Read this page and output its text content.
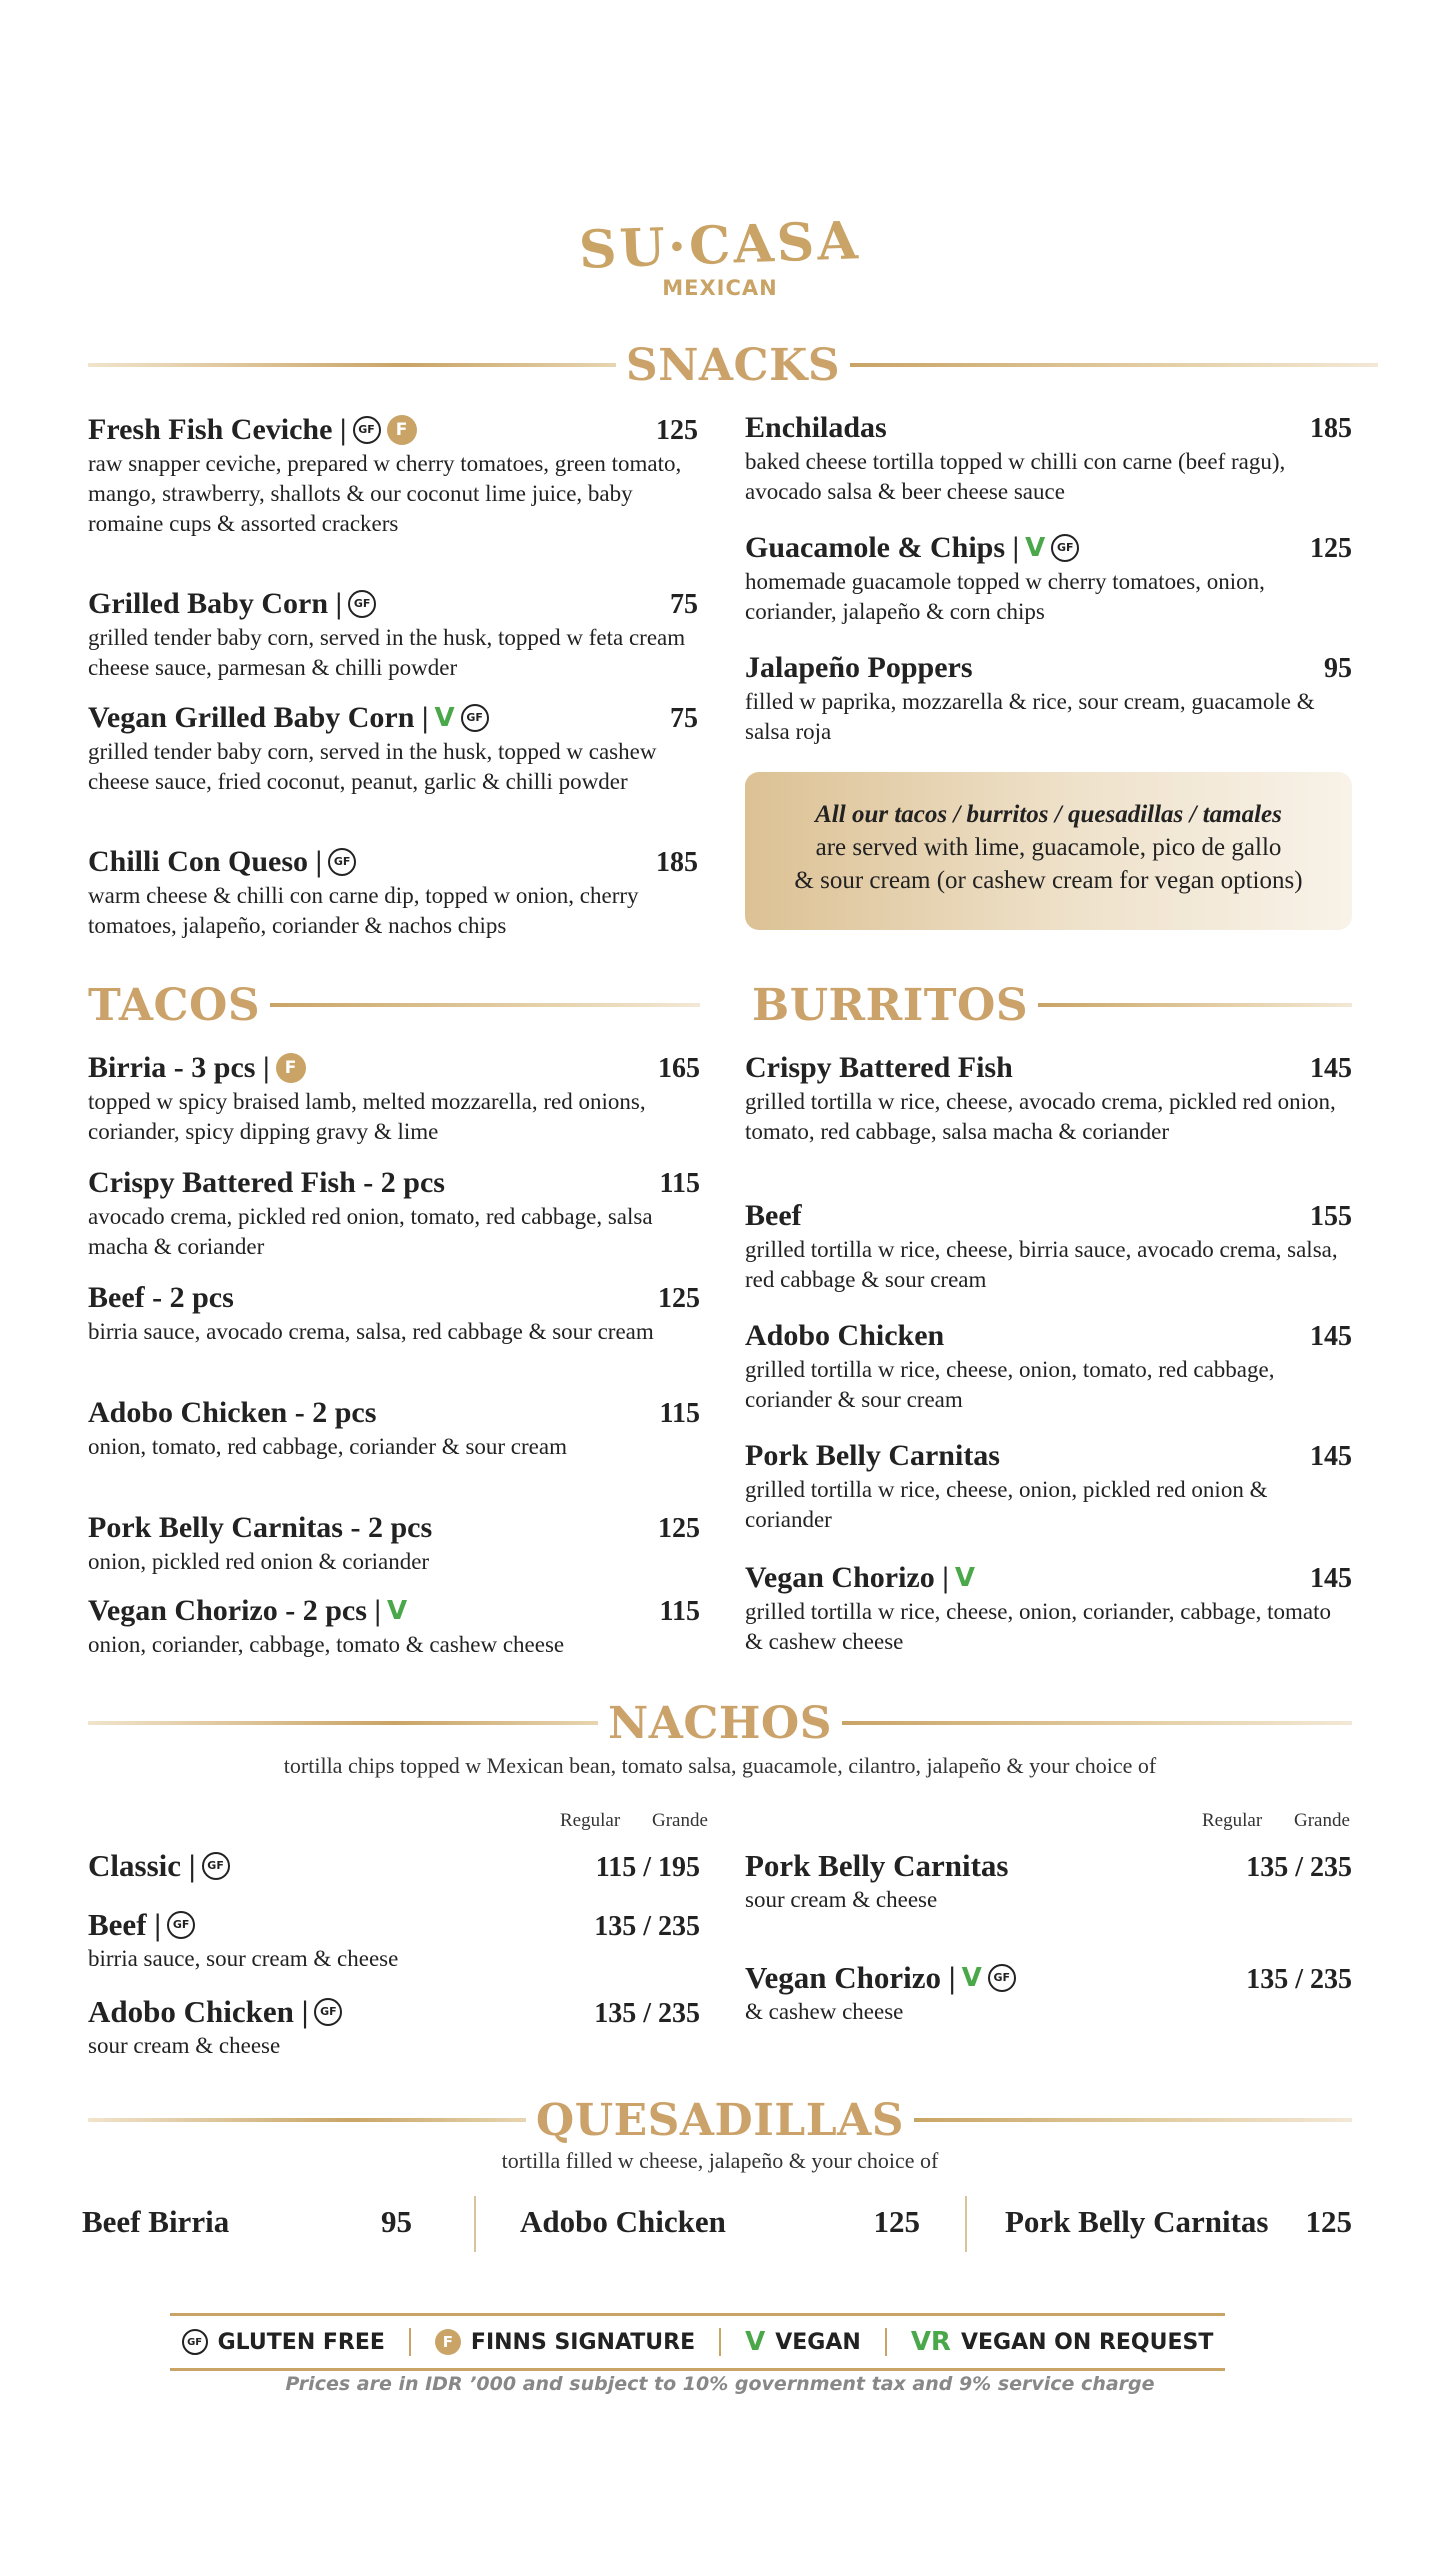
SU·CASA
MEXICAN
SNACKS
Fresh Fish Ceviche |	GF	F	125
raw snapper ceviche, prepared w cherry tomatoes, green tomato, mango, strawberry, shallots & our coconut lime juice, baby romaine cups & assorted crackers
Grilled Baby Corn |	GF	75
grilled tender baby corn, served in the husk, topped w feta cream cheese sauce, parmesan & chilli powder
Vegan Grilled Baby Corn | V	GF	75
grilled tender baby corn, served in the husk, topped w cashew cheese sauce, fried coconut, peanut, garlic & chilli powder
Chilli Con Queso |	GF	185
warm cheese & chilli con carne dip, topped w onion, cherry tomatoes, jalapeño, coriander & nachos chips
Enchiladas	185
baked cheese tortilla topped w chilli con carne (beef ragu), avocado salsa & beer cheese sauce
Guacamole & Chips | V	GF	125
homemade guacamole topped w cherry tomatoes, onion, coriander, jalapeño & corn chips
Jalapeño Poppers	95
filled w paprika, mozzarella & rice, sour cream, guacamole & salsa roja
All our tacos / burritos / quesadillas / tamales
are served with lime, guacamole, pico de gallo
& sour cream (or cashew cream for vegan options)
TACOS
Birria - 3 pcs | F	165
topped w spicy braised lamb, melted mozzarella, red onions, coriander, spicy dipping gravy & lime
Crispy Battered Fish - 2 pcs	115
avocado crema, pickled red onion, tomato, red cabbage, salsa macha & coriander
Beef - 2 pcs	125
birria sauce, avocado crema, salsa, red cabbage & sour cream
Adobo Chicken - 2 pcs	115
onion, tomato, red cabbage, coriander & sour cream
Pork Belly Carnitas - 2 pcs	125
onion, pickled red onion & coriander
Vegan Chorizo - 2 pcs | V	115
onion, coriander, cabbage, tomato & cashew cheese
BURRITOS
Crispy Battered Fish	145
grilled tortilla w rice, cheese, avocado crema, pickled red onion, tomato, red cabbage, salsa macha & coriander
Beef	155
grilled tortilla w rice, cheese, birria sauce, avocado crema, salsa, red cabbage & sour cream
Adobo Chicken	145
grilled tortilla w rice, cheese, onion, tomato, red cabbage, coriander & sour cream
Pork Belly Carnitas	145
grilled tortilla w rice, cheese, onion, pickled red onion & coriander
Vegan Chorizo | V	145
grilled tortilla w rice, cheese, onion, coriander, cabbage, tomato & cashew cheese
NACHOS
tortilla chips topped w Mexican bean, tomato salsa, guacamole, cilantro, jalapeño & your choice of
Regular Grande	Regular Grande
Classic |	GF	115 / 195
Beef |	GF	135 / 235
birria sauce, sour cream & cheese
Adobo Chicken |	GF	135 / 235
sour cream & cheese
Pork Belly Carnitas	135 / 235
sour cream & cheese
Vegan Chorizo | V	GF	135 / 235
& cashew cheese
QUESADILLAS
tortilla filled w cheese, jalapeño & your choice of
Beef Birria	95	Adobo Chicken	125	Pork Belly Carnitas 125
GF GLUTEN FREE	F FINNS SIGNATURE V VEGAN VR VEGAN ON REQUEST
Prices are in IDR ’000 and subject to 10% government tax and 9% service charge
